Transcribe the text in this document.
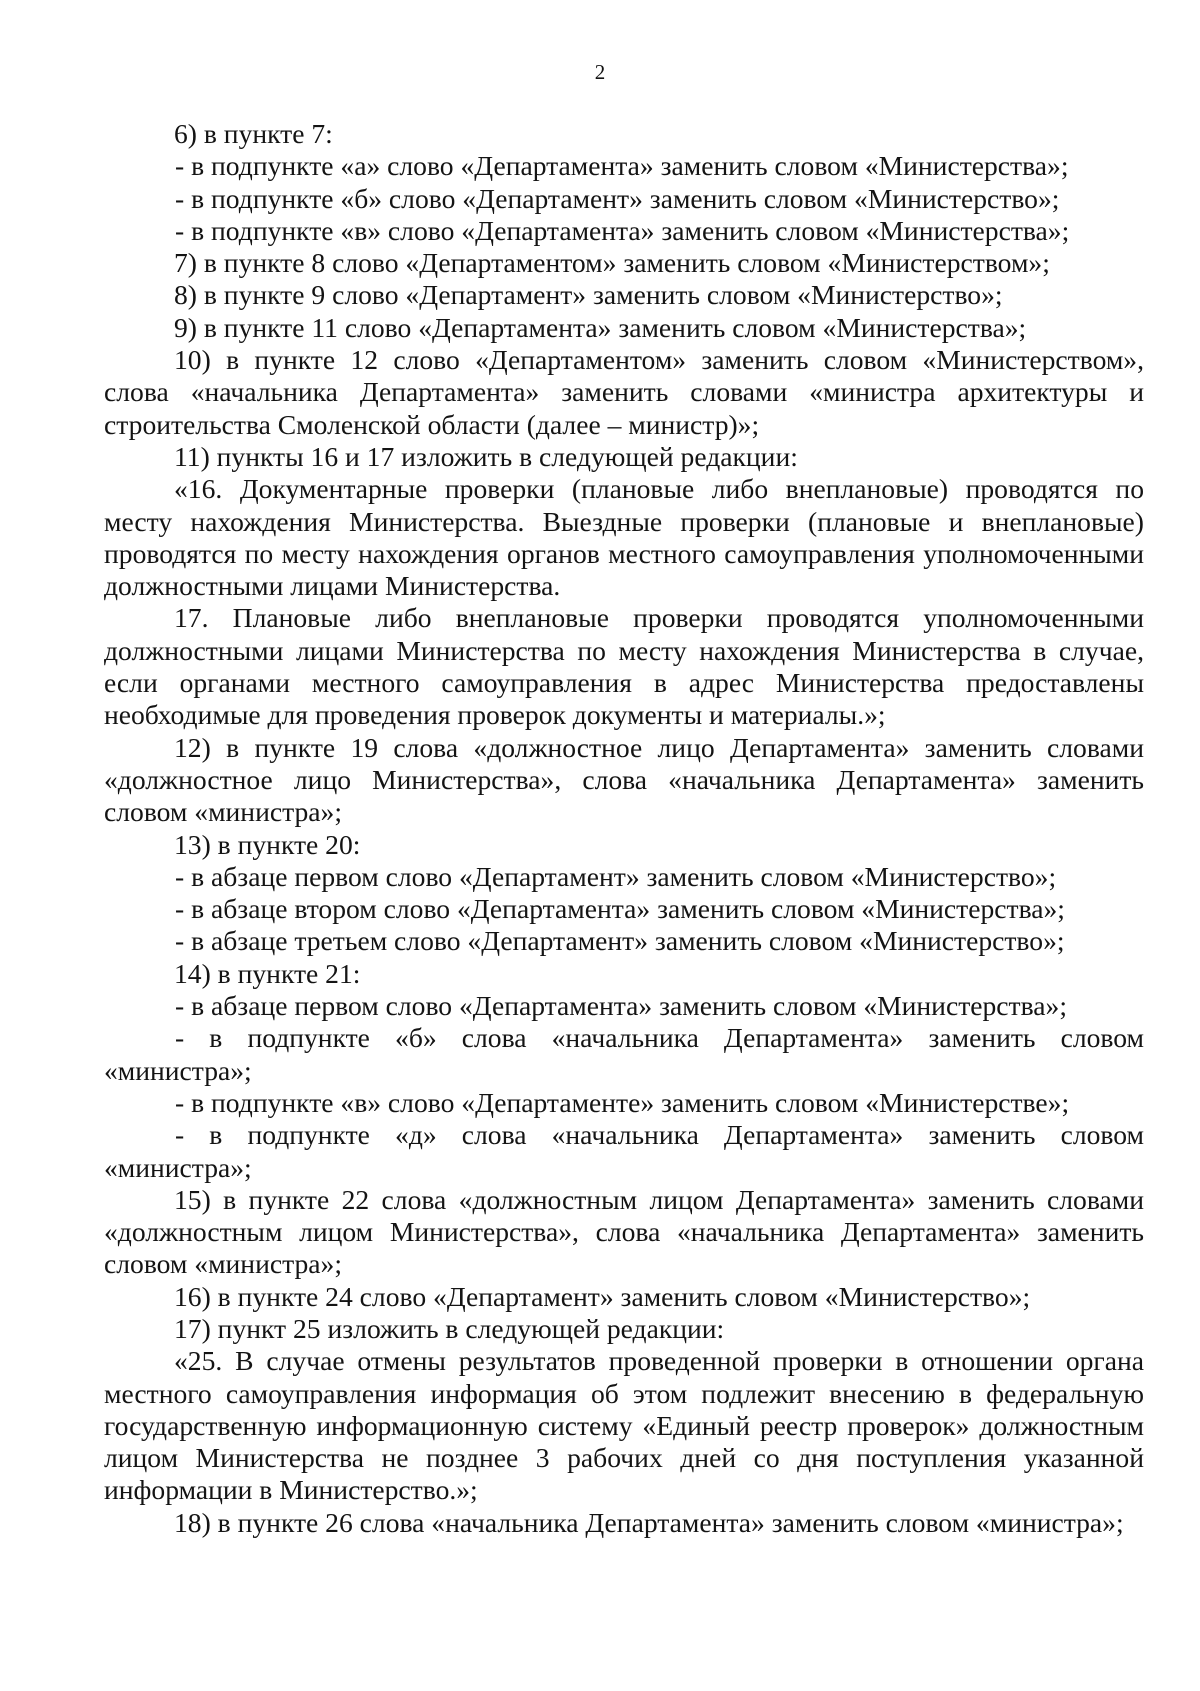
2

6) в пункте 7:

- в подпункте «а» слово «Департамента» заменить словом «Министерства»;

- в подпункте «б» слово «Департамент» заменить словом «Министерство»;

- в подпункте «в» слово «Департамента» заменить словом «Министерства»;

7) в пункте 8 слово «Департаментом» заменить словом «Министерством»;

8) в пункте 9 слово «Департамент» заменить словом «Министерство»;

9) в пункте 11 слово «Департамента» заменить словом «Министерства»;

10) в пункте 12 слово «Департаментом» заменить словом «Министерством», слова «начальника Департамента» заменить словами «министра архитектуры и строительства Смоленской области (далее – министр)»;

11) пункты 16 и 17 изложить в следующей редакции:

«16. Документарные проверки (плановые либо внеплановые) проводятся по месту нахождения Министерства. Выездные проверки (плановые и внеплановые) проводятся по месту нахождения органов местного самоуправления уполномоченными должностными лицами Министерства.

17. Плановые либо внеплановые проверки проводятся уполномоченными должностными лицами Министерства по месту нахождения Министерства в случае, если органами местного самоуправления в адрес Министерства предоставлены необходимые для проведения проверок документы и материалы.»;

12) в пункте 19 слова «должностное лицо Департамента» заменить словами «должностное лицо Министерства», слова «начальника Департамента» заменить словом «министра»;

13) в пункте 20:

- в абзаце первом слово «Департамент» заменить словом «Министерство»;

- в абзаце втором слово «Департамента» заменить словом «Министерства»;

- в абзаце третьем слово «Департамент» заменить словом «Министерство»;

14) в пункте 21:

- в абзаце первом слово «Департамента» заменить словом «Министерства»;

- в подпункте «б» слова «начальника Департамента» заменить словом «министра»;

- в подпункте «в» слово «Департаменте» заменить словом «Министерстве»;

- в подпункте «д» слова «начальника Департамента» заменить словом «министра»;

15) в пункте 22 слова «должностным лицом Департамента» заменить словами «должностным лицом Министерства», слова «начальника Департамента» заменить словом «министра»;

16) в пункте 24 слово «Департамент» заменить словом «Министерство»;

17) пункт 25 изложить в следующей редакции:

«25. В случае отмены результатов проведенной проверки в отношении органа местного самоуправления информация об этом подлежит внесению в федеральную государственную информационную систему «Единый реестр проверок» должностным лицом Министерства не позднее 3 рабочих дней со дня поступления указанной информации в Министерство.»;

18) в пункте 26 слова «начальника Департамента» заменить словом «министра»;
